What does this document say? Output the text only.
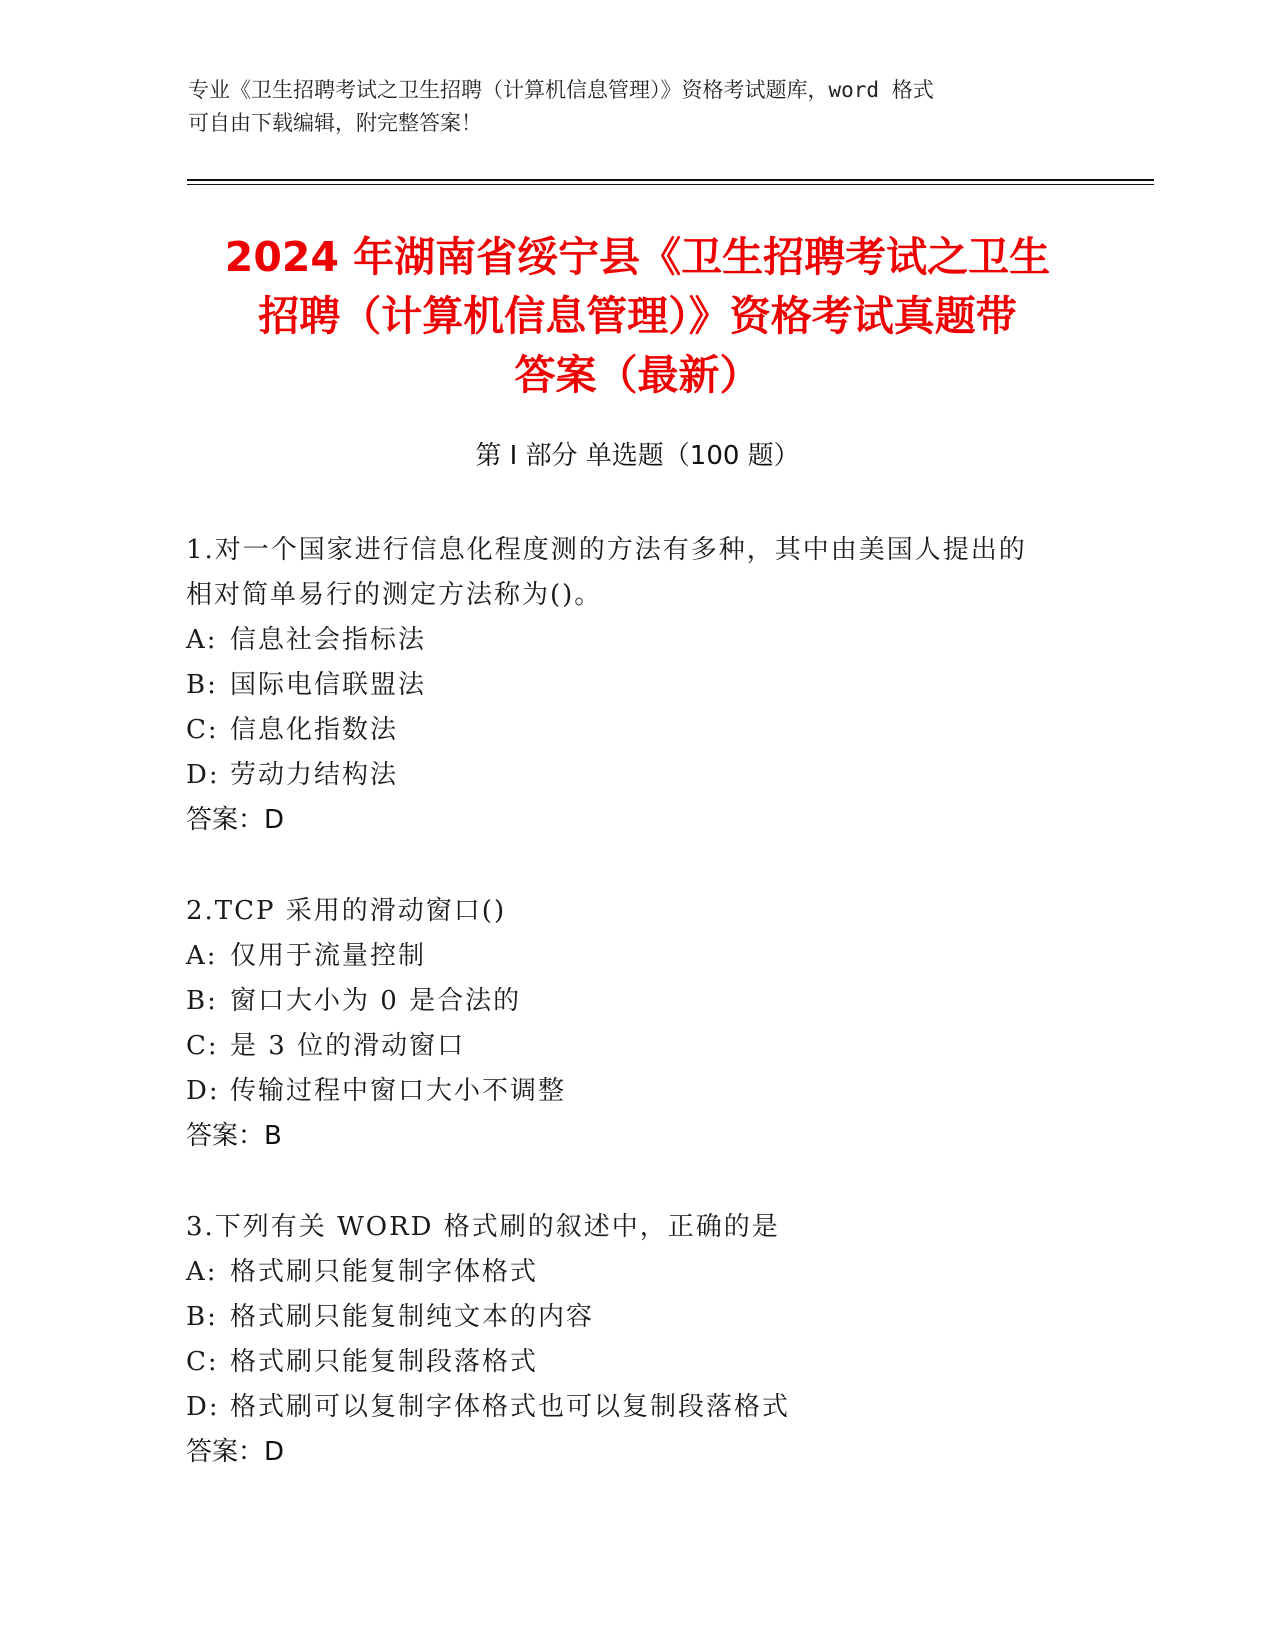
专业《卫生招聘考试之卫生招聘（计算机信息管理）》资格考试题库，word 格式
可自由下载编辑，附完整答案！
2024 年湖南省绥宁县《卫生招聘考试之卫生
招聘（计算机信息管理）》资格考试真题带
答案（最新）
第 I 部分 单选题（100 题）
1.对一个国家进行信息化程度测的方法有多种，其中由美国人提出的
相对简单易行的测定方法称为()。
A: 信息社会指标法
B: 国际电信联盟法
C: 信息化指数法
D: 劳动力结构法
答案：D
2.TCP 采用的滑动窗口()
A: 仅用于流量控制
B: 窗口大小为 0 是合法的
C: 是 3 位的滑动窗口
D: 传输过程中窗口大小不调整
答案：B
3.下列有关 WORD 格式刷的叙述中，正确的是
A: 格式刷只能复制字体格式
B: 格式刷只能复制纯文本的内容
C: 格式刷只能复制段落格式
D: 格式刷可以复制字体格式也可以复制段落格式
答案：D
